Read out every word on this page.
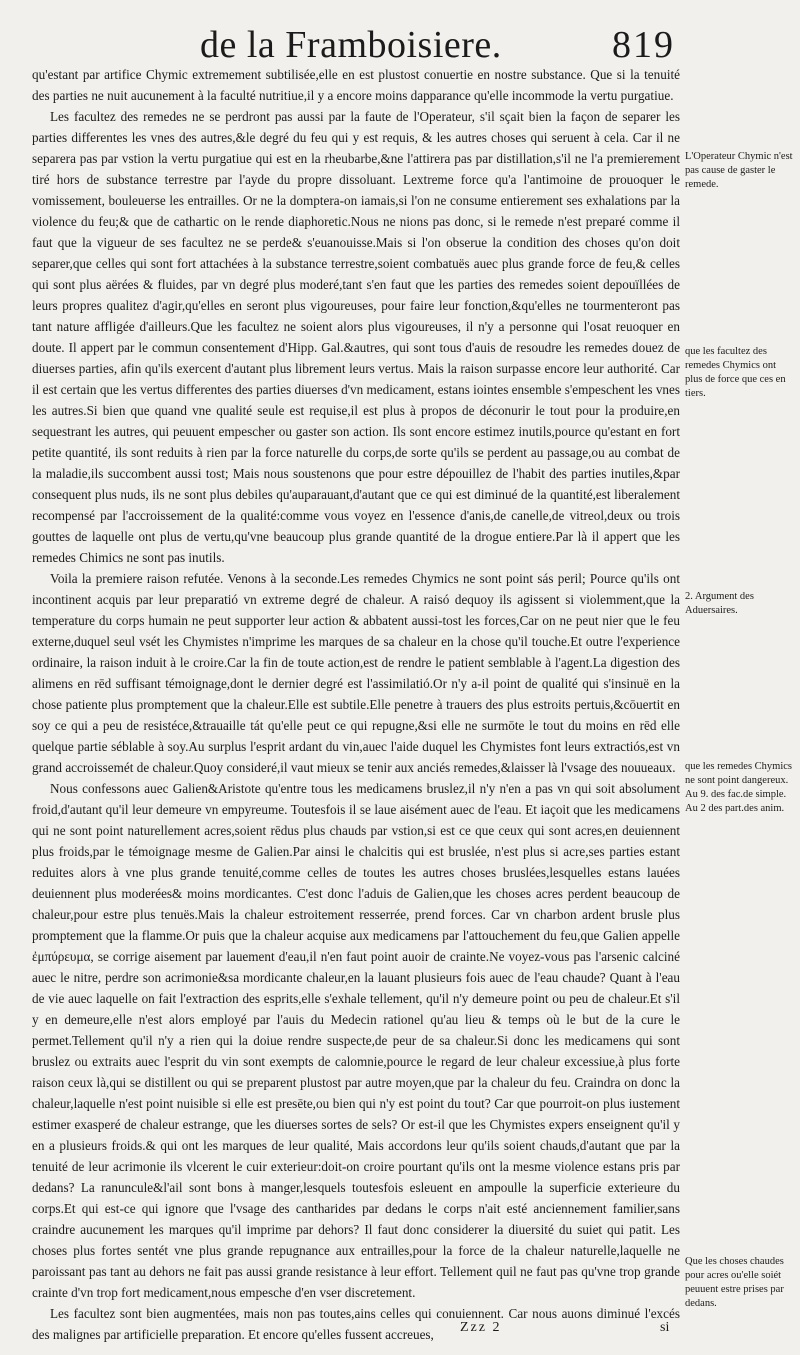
de la Framboisiere.	819

qu'estant par artifice Chymic extremement subtilisée,elle en est plustost conuertie en nostre substance. Que si la tenuité des parties ne nuit aucunement à la faculté nutritiue,il y a encore moins dapparance qu'elle incommode la vertu purgatiue.

Les facultez des remedes ne se perdront pas aussi par la faute de l'Operateur, s'il sçait bien la façon de separer les parties differentes les vnes des autres,&le degré du feu qui y est requis, & les autres choses qui seruent à cela. Car il ne separera pas par vstion la vertu purgatiue qui est en la rheubarbe,&ne l'attirera pas par distillation,s'il ne l'a premierement tiré hors de substance terrestre par l'ayde du propre dissoluant. Lextreme force qu'a l'antimoine de prouoquer le vomissement, bouleuerse les entrailles. Or ne la domptera-on iamais,si l'on ne consume entierement ses exhalations par la violence du feu;& que de cathartic on le rende diaphoretic.Nous ne nions pas donc, si le remede n'est preparé comme il faut que la vigueur de ses facultez ne se perde& s'euanouisse.Mais si l'on obserue la condition des choses qu'on doit separer,que celles qui sont fort attachées à la substance terrestre,soient combatuës auec plus grande force de feu,& celles qui sont plus aërées & fluides, par vn degré plus moderé,tant s'en faut que les parties des remedes soient depouïllées de leurs propres qualitez d'agir,qu'elles en seront plus vigoureuses, pour faire leur fonction,&qu'elles ne tourmenteront pas tant nature affligée d'ailleurs.Que les facultez ne soient alors plus vigoureuses, il n'y a personne qui l'osat reuoquer en doute. Il appert par le commun consentement d'Hipp. Gal.&autres, qui sont tous d'auis de resoudre les remedes douez de diuerses parties, afin qu'ils exercent d'autant plus librement leurs vertus. Mais la raison surpasse encore leur authorité. Car il est certain que les vertus differentes des parties diuerses d'vn medicament, estans iointes ensemble s'empeschent les vnes les autres.Si bien que quand vne qualité seule est requise,il est plus à propos de déconurir le tout pour la produire,en sequestrant les autres, qui peuuent empescher ou gaster son action. Ils sont encore estimez inutils,pource qu'estant en fort petite quantité, ils sont reduits à rien par la force naturelle du corps,de sorte qu'ils se perdent au passage,ou au combat de la maladie,ils succombent aussi tost; Mais nous soustenons que pour estre dépouillez de l'habit des parties inutiles,&par consequent plus nuds, ils ne sont plus debiles qu'auparauant,d'autant que ce qui est diminué de la quantité,est liberalement recompensé par l'accroissement de la qualité:comme vous voyez en l'essence d'anis,de canelle,de vitreol,deux ou trois gouttes de laquelle ont plus de vertu,qu'vne beaucoup plus grande quantité de la drogue entiere.Par là il appert que les remedes Chimics ne sont pas inutils.

Voila la premiere raison refutée. Venons à la seconde.Les remedes Chymics ne sont point sás peril; Pource qu'ils ont incontinent acquis par leur preparatió vn extreme degré de chaleur. A raisó dequoy ils agissent si violemment,que la temperature du corps humain ne peut supporter leur action & abbatent aussi-tost les forces,Car on ne peut nier que le feu externe,duquel seul vsét les Chymistes n'imprime les marques de sa chaleur en la chose qu'il touche.Et outre l'experience ordinaire, la raison induit à le croire.Car la fin de toute action,est de rendre le patient semblable à l'agent.La digestion des alimens en rēd suffisant témoignage,dont le dernier degré est l'assimilatió.Or n'y a-il point de qualité qui s'insinuë en la chose patiente plus promptement que la chaleur.Elle est subtile.Elle penetre à trauers des plus estroits pertuis,&cōuertit en soy ce qui a peu de resistéce,&trauaille tát qu'elle peut ce qui repugne,&si elle ne surmōte le tout du moins en rēd elle quelque partie séblable à soy.Au surplus l'esprit ardant du vin,auec l'aide duquel les Chymistes font leurs extractiós,est vn grand accroissemét de chaleur.Quoy consideré,il vaut mieux se tenir aux anciés remedes,&laisser là l'vsage des nouueaux.

Nous confessons auec Galien&Aristote qu'entre tous les medicamens bruslez,il n'y n'en a pas vn qui soit absolument froid,d'autant qu'il leur demeure vn empyreume. Toutesfois il se laue aisément auec de l'eau. Et iaçoit que les medicamens qui ne sont point naturellement acres,soient rēdus plus chauds par vstion,si est ce que ceux qui sont acres,en deuiennent plus froids,par le témoignage mesme de Galien.Par ainsi le chalcitis qui est bruslée, n'est plus si acre,ses parties estant reduites alors à vne plus grande tenuité,comme celles de toutes les autres choses bruslées,lesquelles estans lauées deuiennent plus moderées& moins mordicantes. C'est donc l'aduis de Galien,que les choses acres perdent beaucoup de chaleur,pour estre plus tenuës.Mais la chaleur estroitement resserrée, prend forces. Car vn charbon ardent brusle plus promptement que la flamme.Or puis que la chaleur acquise aux medicamens par l'attouchement du feu,que Galien appelle ἐμπύρευμα, se corrige aisement par lauement d'eau,il n'en faut point auoir de crainte.Ne voyez-vous pas l'arsenic calciné auec le nitre, perdre son acrimonie&sa mordicante chaleur,en la lauant plusieurs fois auec de l'eau chaude? Quant à l'eau de vie auec laquelle on fait l'extraction des esprits,elle s'exhale tellement, qu'il n'y demeure point ou peu de chaleur.Et s'il y en demeure,elle n'est alors employé par l'auis du Medecin rationel qu'au lieu & temps où le but de la cure le permet.Tellement qu'il n'y a rien qui la doiue rendre suspecte,de peur de sa chaleur.Si donc les medicamens qui sont bruslez ou extraits auec l'esprit du vin sont exempts de calomnie,pource le regard de leur chaleur excessiue,à plus forte raison ceux là,qui se distillent ou qui se preparent plustost par autre moyen,que par la chaleur du feu. Craindra on donc la chaleur,laquelle n'est point nuisible si elle est presēte,ou bien qui n'y est point du tout? Car que pourroit-on plus iustement estimer exasperé de chaleur estrange, que les diuerses sortes de sels? Or est-il que les Chymistes expers enseignent qu'il y en a plusieurs froids.& qui ont les marques de leur qualité, Mais accordons leur qu'ils soient chauds,d'autant que par la tenuité de leur acrimonie ils vlcerent le cuir exterieur:doit-on croire pourtant qu'ils ont la mesme violence estans pris par dedans? La ranuncule&l'ail sont bons à manger,lesquels toutesfois esleuent en ampoulle la superficie exterieure du corps.Et qui est-ce qui ignore que l'vsage des cantharides par dedans le corps n'ait esté anciennement familier,sans craindre aucunement les marques qu'il imprime par dehors? Il faut donc considerer la diuersité du suiet qui patit. Les choses plus fortes sentét vne plus grande repugnance aux entrailles,pour la force de la chaleur naturelle,laquelle ne paroissant pas tant au dehors ne fait pas aussi grande resistance à leur effort. Tellement quil ne faut pas qu'vne trop grande crainte d'vn trop fort medicament,nous empesche d'en vser discretement.

Les facultez sont bien augmentées, mais non pas toutes,ains celles qui conuiennent. Car nous auons diminué l'excés des malignes par artificielle preparation. Et encore qu'elles fussent accreues,

L'Operateur Chymic n'est pas cause de gaster le remede.
que les facultez des remedes Chymics ont plus de force que ces en tiers.
2. Argument des Aduersaires.
que les remedes Chymics ne sont point dangereux. Au 9. des fac.de simple. Au 2 des part.des anim.
Que les choses chaudes pour acres ou'elle soiét peuuent estre prises par dedans.
Zzz 2	si
